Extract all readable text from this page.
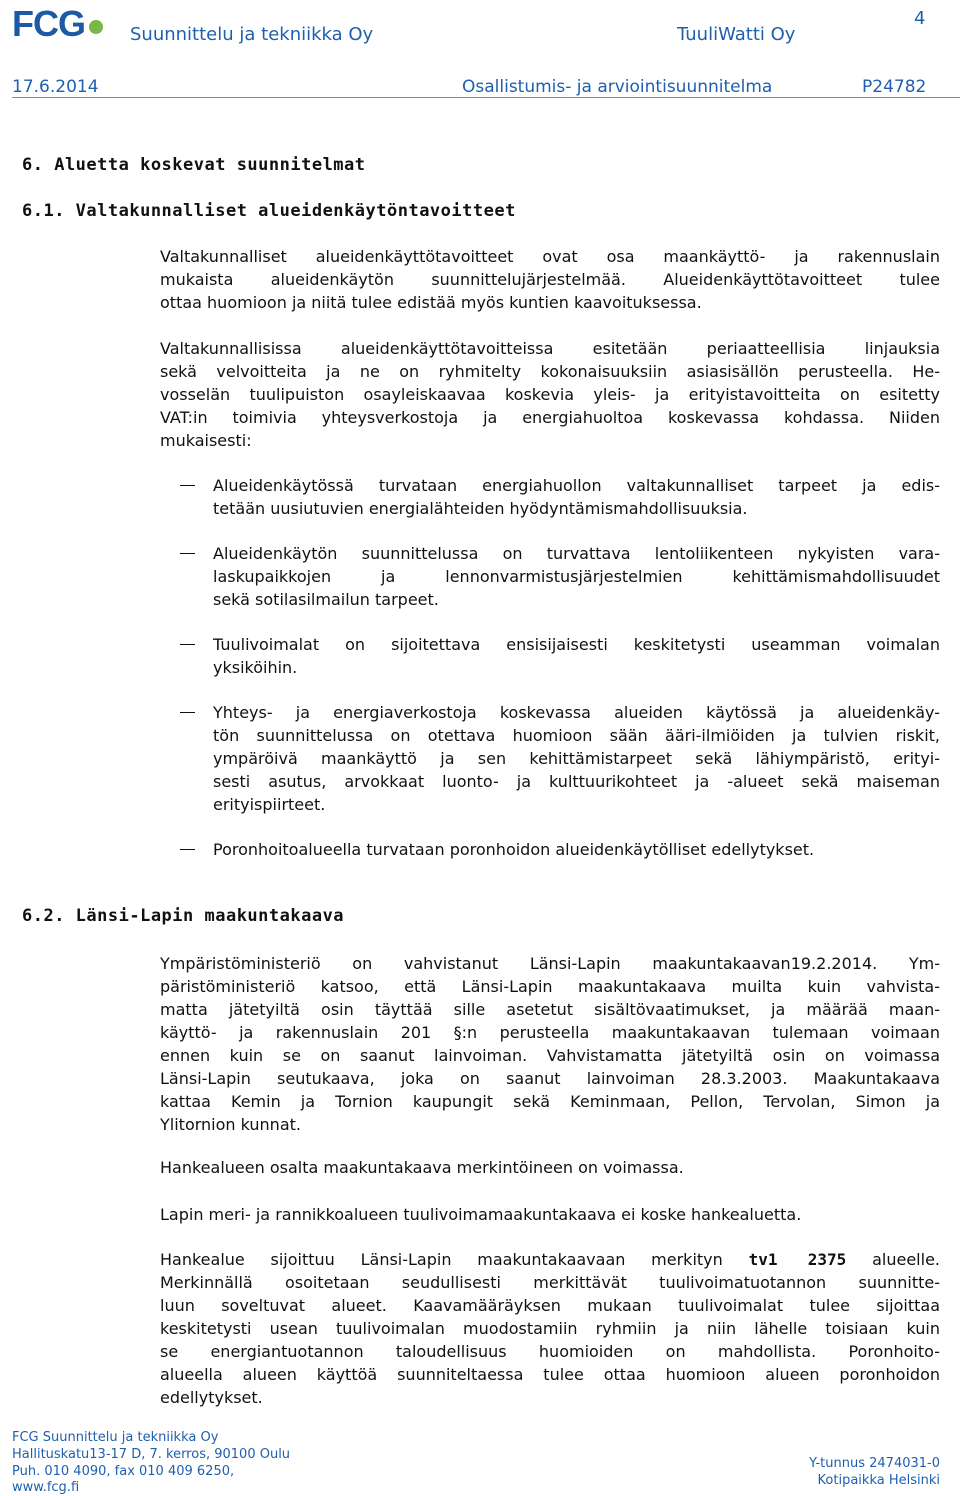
FCG	Suunnittelu ja tekniikka Oy	TuuliWatti Oy
4
17.6.2014	Osallistumis- ja arviointisuunnitelma	P24782
6. Aluetta koskevat suunnitelmat
6.1. Valtakunnalliset alueidenkäytöntavoitteet
Valtakunnalliset alueidenkäyttötavoitteet ovat osa maankäyttö- ja rakennuslain
mukaista alueidenkäytön suunnittelujärjestelmää. Alueidenkäyttötavoitteet tulee
ottaa huomioon ja niitä tulee edistää myös kuntien kaavoituksessa.
Valtakunnallisissa alueidenkäyttötavoitteissa esitetään periaatteellisia linjauksia
sekä velvoitteita ja ne on ryhmitelty kokonaisuuksiin asiasisällön perusteella. He-
vosselän tuulipuiston osayleiskaavaa koskevia yleis- ja erityistavoitteita on esitetty
VAT:in toimivia yhteysverkostoja ja energiahuoltoa koskevassa kohdassa. Niiden
mukaisesti:
Alueidenkäytössä turvataan energiahuollon valtakunnalliset tarpeet ja edis-
tetään uusiutuvien energialähteiden hyödyntämismahdollisuuksia.
Alueidenkäytön suunnittelussa on turvattava lentoliikenteen nykyisten vara-
laskupaikkojen ja lennonvarmistusjärjestelmien kehittämismahdollisuudet
sekä sotilasilmailun tarpeet.
Tuulivoimalat on sijoitettava ensisijaisesti keskitetysti useamman voimalan
yksiköihin.
Yhteys- ja energiaverkostoja koskevassa alueiden käytössä ja alueidenkäy-
tön suunnittelussa on otettava huomioon sään ääri-ilmiöiden ja tulvien riskit,
ympäröivä maankäyttö ja sen kehittämistarpeet sekä lähiympäristö, erityi-
sesti asutus, arvokkaat luonto- ja kulttuurikohteet ja -alueet sekä maiseman
erityispiirteet.
Poronhoitoalueella turvataan poronhoidon alueidenkäytölliset edellytykset.
6.2. Länsi-Lapin maakuntakaava
Ympäristöministeriö on vahvistanut Länsi-Lapin maakuntakaavan19.2.2014. Ym-
päristöministeriö katsoo, että Länsi-Lapin maakuntakaava muilta kuin vahvista-
matta jätetyiltä osin täyttää sille asetetut sisältövaatimukset, ja määrää maan-
käyttö- ja rakennuslain 201 §:n perusteella maakuntakaavan tulemaan voimaan
ennen kuin se on saanut lainvoiman. Vahvistamatta jätetyiltä osin on voimassa
Länsi-Lapin seutukaava, joka on saanut lainvoiman 28.3.2003. Maakuntakaava
kattaa Kemin ja Tornion kaupungit sekä Keminmaan, Pellon, Tervolan, Simon ja
Ylitornion kunnat.
Hankealueen osalta maakuntakaava merkintöineen on voimassa.
Lapin meri- ja rannikkoalueen tuulivoimamaakuntakaava ei koske hankealuetta.
Hankealue sijoittuu Länsi-Lapin maakuntakaavaan merkityn tv1 2375 alueelle.
Merkinnällä osoitetaan seudullisesti merkittävät tuulivoimatuotannon suunnitte-
luun soveltuvat alueet. Kaavamääräyksen mukaan tuulivoimalat tulee sijoittaa
keskitetysti usean tuulivoimalan muodostamiin ryhmiin ja niin lähelle toisiaan kuin
se energiantuotannon taloudellisuus huomioiden on mahdollista. Poronhoito-
alueella alueen käyttöä suunniteltaessa tulee ottaa huomioon alueen poronhoidon
edellytykset.
FCG Suunnittelu ja tekniikka Oy
Hallituskatu13-17 D, 7. kerros, 90100 Oulu
Puh. 010 4090, fax 010 409 6250,
www.fcg.fi
Y-tunnus 2474031-0
Kotipaikka Helsinki
